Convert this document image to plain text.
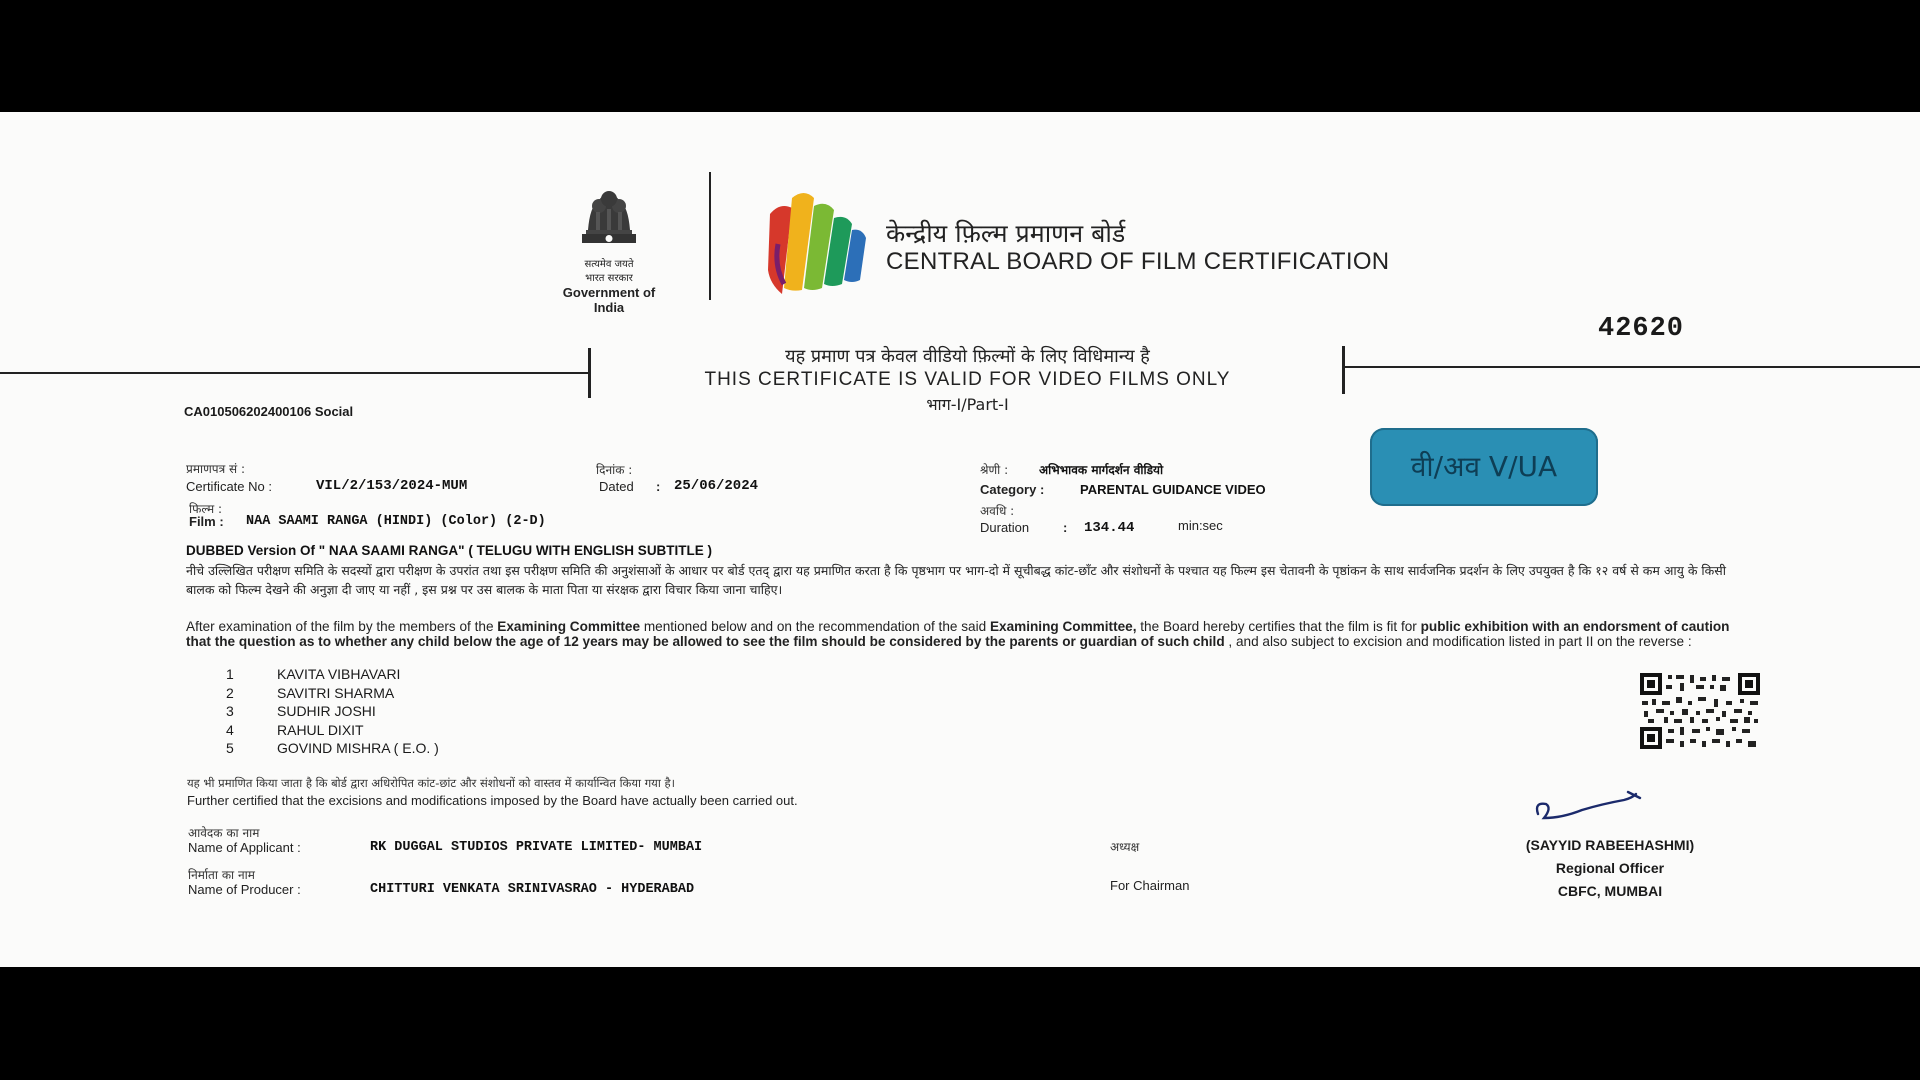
सत्यमेव जयते
भारत सरकार
Government of India
केन्द्रीय फ़िल्म प्रमाणन बोर्ड
CENTRAL BOARD OF FILM CERTIFICATION
42620
यह प्रमाण पत्र केवल वीडियो फ़िल्मों के लिए विधिमान्य है
THIS CERTIFICATE IS VALID FOR VIDEO FILMS ONLY
भाग-I/Part-I
CA010506202400106 Social
प्रमाणपत्र सं :
Certificate No :	VIL/2/153/2024-MUM
दिनांक :
Dated : 25/06/2024
श्रेणी :	अभिभावक मार्गदर्शन वीडियो
Category :	PARENTAL GUIDANCE VIDEO
फिल्म :
Film : NAA SAAMI RANGA (HINDI) (Color) (2-D)
अवधि :
Duration	: 134.44	min:sec
वी/अव V/UA
DUBBED Version Of " NAA SAAMI RANGA" ( TELUGU WITH ENGLISH SUBTITLE )
नीचे उल्लिखित परीक्षण समिति के सदस्यों द्वारा परीक्षण के उपरांत तथा इस परीक्षण समिति की अनुशंसाओं के आधार पर बोर्ड एतद् द्वारा यह प्रमाणित करता है कि पृष्ठभाग पर भाग-दो में सूचीबद्ध कांट-छाँट और संशोधनों के पश्चात यह फिल्म इस चेतावनी के पृष्ठांकन के साथ सार्वजनिक प्रदर्शन के लिए उपयुक्त है कि १२ वर्ष से कम आयु के किसी बालक को फिल्म देखने की अनुज्ञा दी जाए या नहीं , इस प्रश्न पर उस बालक के माता पिता या संरक्षक द्वारा विचार किया जाना चाहिए।
After examination of the film by the members of the Examining Committee mentioned below and on the recommendation of the said Examining Committee, the Board hereby certifies that the film is fit for public exhibition with an endorsment of caution that the question as to whether any child below the age of 12 years may be allowed to see the film should be considered by the parents or guardian of such child , and also subject to excision and modification listed in part II on the reverse :
1	KAVITA VIBHAVARI
2	SAVITRI SHARMA
3	SUDHIR JOSHI
4	RAHUL DIXIT
5	GOVIND MISHRA ( E.O. )
यह भी प्रमाणित किया जाता है कि बोर्ड द्वारा अधिरोपित कांट-छांट और संशोधनों को वास्तव में कार्यान्वित किया गया है।
Further certified that the excisions and modifications imposed by the Board have actually been carried out.
आवेदक का नाम
Name of Applicant :	RK DUGGAL STUDIOS PRIVATE LIMITED- MUMBAI
निर्माता का नाम
Name of Producer :	CHITTURI VENKATA SRINIVASRAO - HYDERABAD
अध्यक्ष
For Chairman
(SAYYID RABEEHASHMI)
Regional Officer
CBFC, MUMBAI
